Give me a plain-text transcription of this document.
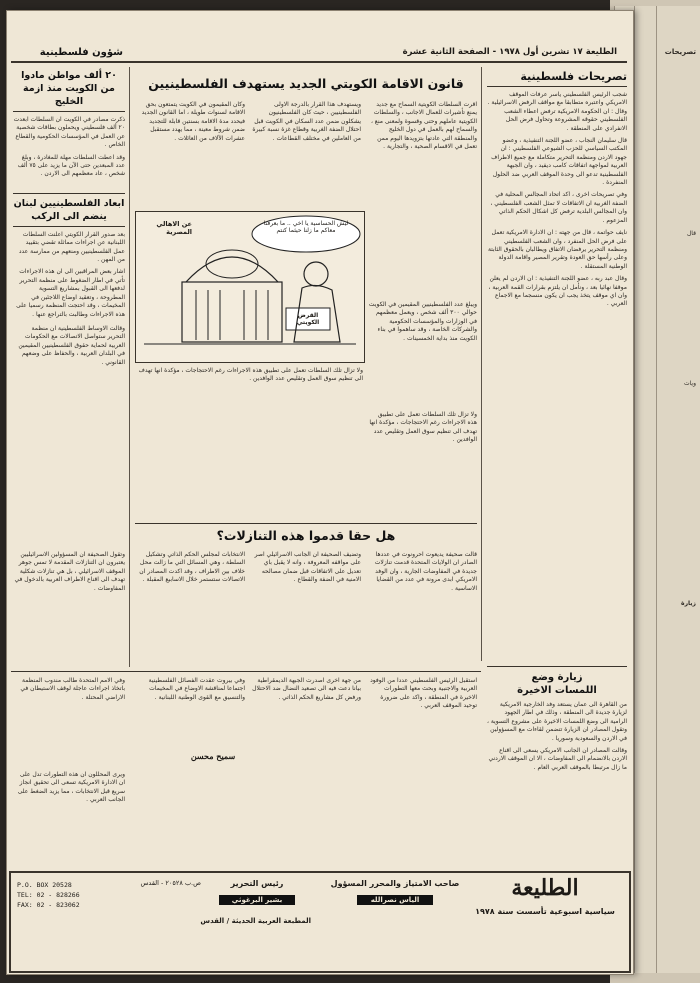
تصريحات
زيارة
قال
ويات
شؤون فلسطينية	الطليعة ١٧ تشرين أول ١٩٧٨ - الصفحة الثانية عشرة
تصريحات فلسطينية
شجب الرئيس الفلسطيني ياسر عرفات الموقف الامريكي واعتبره متطابقا مع مواقف الرفض الاسرائيلية . وقال : ان الحكومة الامريكية ترفض اعطاء الشعب الفلسطيني حقوقه المشروعة وتحاول فرض الحل الانفرادي على المنطقة .
قال سليمان النجاب ، عضو اللجنة التنفيذية ، وعضو المكتب السياسي للحزب الشيوعي الفلسطيني : ان جهود الاردن ومنظمة التحرير متكاملة مع جميع الاطراف العربية لمواجهة اتفاقات كامب ديفيد ، وان الجبهة الفلسطينية تدعو الى وحدة الموقف العربي ضد الحلول المنفردة .
وفي تصريحات اخرى ، اكد اتحاد المجالس المحلية في الضفة الغربية ان الاتفاقات لا تمثل الشعب الفلسطيني ، وان المجالس البلدية ترفض كل اشكال الحكم الذاتي المزعوم .
نايف حواتمة ، قال من جهته : ان الادارة الامريكية تعمل على فرض الحل المنفرد ، وان الشعب الفلسطيني ومنظمة التحرير يرفضان الاتفاق ويطالبان بالحقوق الثابتة وعلى رأسها حق العودة وتقرير المصير واقامة الدولة الوطنية المستقلة .
وقال عبد ربه ، عضو اللجنة التنفيذية : ان الاردن لم يعلن موقفا نهائيا بعد ، ونأمل ان يلتزم بقرارات القمة العربية ، وان اي موقف يتخذ يجب ان يكون منسجما مع الاجماع العربي .
زيارة وضع
اللمسات الاخيرة
من القاهرة الى عمان يستعد وفد الخارجية الامريكية لزيارة جديدة الى المنطقة ، وذلك في اطار الجهود الرامية الى وضع اللمسات الاخيرة على مشروع التسوية ، وتقول المصادر ان الزيارة تتضمن لقاءات مع المسؤولين في الاردن والسعودية وسوريا .
وقالت المصادر ان الجانب الامريكي يسعى الى اقناع الاردن بالانضمام الى المفاوضات ، الا ان الموقف الاردني ما زال مرتبطا بالموقف العربي العام .
قانون الاقامة الكويتي الجديد يستهدف الفلسطينيين
اقرت السلطات الكويتية السماح مع جديد يمنع تأشيرات للعمال الاجانب ، والسلطات الكويتية عاملهم وحتى وقسوة ولمعنى منع ، والسماح لهم بالعمل في دول الخليج والمنطقة التي عادتها بتزويدها اليوم ممن تعمل في الاقسام الصحية ، والتجارية .
ويستهدف هذا القرار بالدرجة الاولى الفلسطينيين ، حيث كان الفلسطينيون يشكلون ضمن عدد السكان في الكويت قبل احتلال الضفة الغربية وقطاع غزة نسبة كبيرة من العاملين في مختلف القطاعات .
وكان المقيمون في الكويت يتمتعون بحق الاقامة لسنوات طويلة ، اما القانون الجديد فيحدد مدة الاقامة بسنتين قابلة للتجديد ضمن شروط معينة ، مما يهدد مستقبل عشرات الآلاف من العائلات .
ويبلغ عدد الفلسطينيين المقيمين في الكويت حوالي ٣٠٠ ألف شخص ، ويعمل معظمهم في الوزارات والمؤسسات الحكومية والشركات الخاصة ، وقد ساهموا في بناء الكويت منذ بداية الخمسينات .
ولا تزال تلك السلطات تعمل على تطبيق هذه الاجراءات رغم الاحتجاجات ، مؤكدة انها تهدف الى تنظيم سوق العمل وتقليص عدد الوافدين .
عن الاهالي المصرية
ليش الحساسية يا اخي .. ما بعرفنا معاكم ما زلنا حيثما كنتم
القرض الكويتي
ولا تزال تلك السلطات تعمل على تطبيق هذه الاجراءات رغم الاحتجاجات ، مؤكدة انها تهدف الى تنظيم سوق العمل وتقليص عدد الوافدين .
٢٠ ألف مواطن مادوا من الكويت منذ ازمة الخليج
ذكرت مصادر في الكويت ان السلطات ابعدت ٢٠ ألف فلسطيني ويحملون بطاقات شخصية عن العمل في المؤسسات الحكومية والقطاع الخاص .
وقد اعطت السلطات مهلة للمغادرة ، وبلغ عدد المبعدين حتى الآن ما يزيد على ٧٥ ألف شخص ، عاد معظمهم الى الاردن .
ابعاد الفلسطينيين لبنان ينضم الى الركب
بعد صدور القرار الكويتي اعلنت السلطات اللبنانية عن اجراءات مماثلة تقضي بتقييد عمل الفلسطينيين ومنعهم من ممارسة عدد من المهن .
اشار بعض المراقبين الى ان هذه الاجراءات تأتي في اطار الضغوط على منظمة التحرير لدفعها الى القبول بمشاريع التسوية المطروحة ، وتعقيد اوضاع اللاجئين في المخيمات ، وقد احتجت المنظمة رسميا على هذه الاجراءات وطالبت بالتراجع عنها .
وقالت الاوساط الفلسطينية ان منظمة التحرير ستواصل الاتصالات مع الحكومات العربية لحماية حقوق الفلسطينيين المقيمين في البلدان العربية ، والحفاظ على وضعهم القانوني .
هل حقا قدموا هذه التنازلات؟
قالت صحيفة يديعوت احرونوت في عددها الصادر ان الولايات المتحدة قدمت تنازلات جديدة في المفاوضات الجارية ، وان الوفد الامريكي ابدى مرونة في عدد من القضايا الاساسية .
وتضيف الصحيفة ان الجانب الاسرائيلي اصر على مواقفه المعروفة ، وانه لا يقبل باي تعديل على الاتفاقات قبل ضمان مصالحه الامنية في الضفة والقطاع .
الانتخابات لمجلس الحكم الذاتي وتشكيل السلطة ، وهي المسائل التي ما زالت محل خلاف بين الاطراف ، وقد اكدت المصادر ان الاتصالات ستستمر خلال الاسابيع المقبلة .
وتقول الصحيفة ان المسؤولين الاسرائيليين يعتبرون ان التنازلات المقدمة لا تمس جوهر الموقف الاسرائيلي ، بل هي تنازلات شكلية تهدف الى اقناع الاطراف العربية بالدخول في المفاوضات .
استقبل الرئيس الفلسطيني عددا من الوفود العربية والاجنبية وبحث معها التطورات الاخيرة في المنطقة ، واكد على ضرورة توحيد الموقف العربي .
من جهة اخرى اصدرت الجبهة الديمقراطية بيانا دعت فيه الى تصعيد النضال ضد الاحتلال ورفض كل مشاريع الحكم الذاتي .
وفي بيروت عقدت الفصائل الفلسطينية اجتماعا لمناقشة الاوضاع في المخيمات والتنسيق مع القوى الوطنية اللبنانية .
سميح محسن
وفي الامم المتحدة طالب مندوب المنظمة باتخاذ اجراءات عاجلة لوقف الاستيطان في الاراضي المحتلة .
ويرى المحللون ان هذه التطورات تدل على ان الادارة الامريكية تسعى الى تحقيق انجاز سريع قبل الانتخابات ، مما يزيد الضغط على الجانب العربي .
الطليعة
سياسية اسبوعية تأسست سنة ١٩٧٨
صاحب الامتياز والمحرر المسؤول
الياس نصرالله
رئيس التحرير
بشير البرغوثي
ص.ب ٢٠٥٢٨ - القدس
P.O. BOX 20528
TEL: 02 - 828266
FAX: 02 - 823062
المطبعة العربية الحديثة / القدس
